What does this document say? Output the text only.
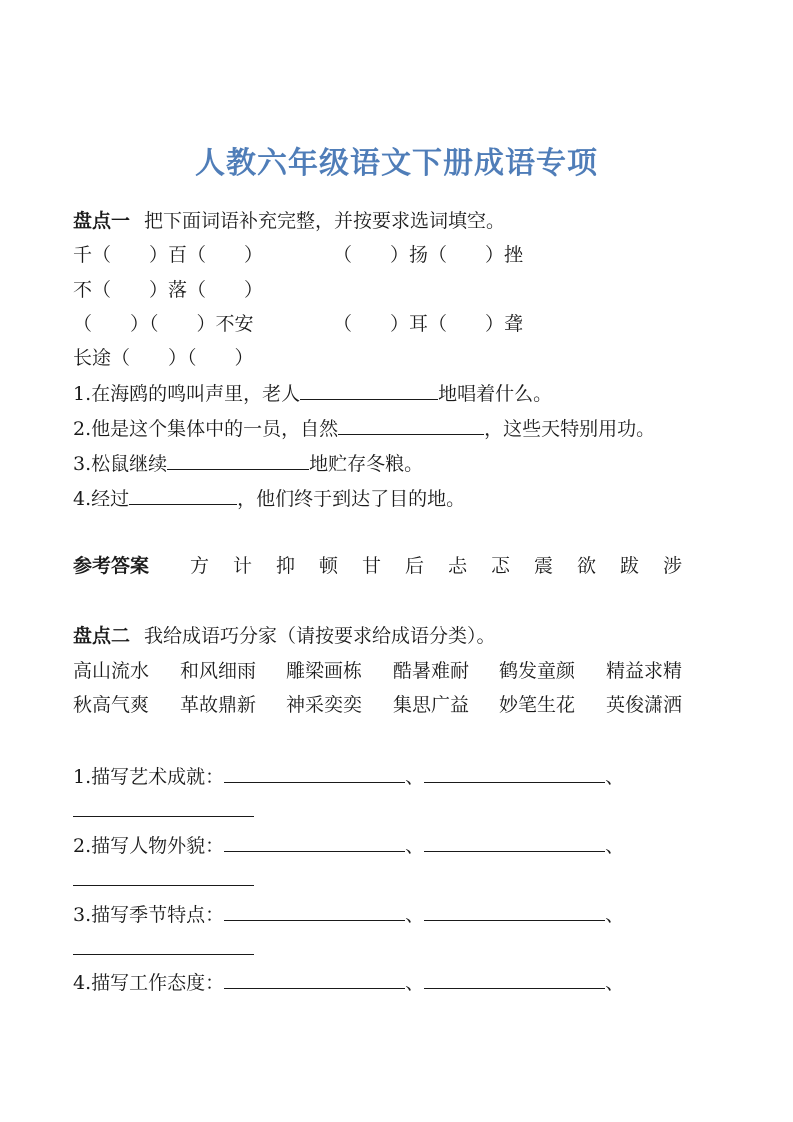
人教六年级语文下册成语专项
盘点一 把下面词语补充完整，并按要求选词填空。
千（　　）百（　　）	（　　）扬（　　）挫
不（　　）落（　　）
（　　）（　　）不安	（　　）耳（　　）聋
长途（　　）（　　）
1.在海鸥的鸣叫声里，老人	地唱着什么。
2.他是这个集体中的一员，自然	，这些天特别用功。
3.松鼠继续	地贮存冬粮。
4.经过	，他们终于到达了目的地。
参考答案 方 计 抑 顿 甘 后 忐 忑 震 欲 跋 涉
盘点二 我给成语巧分家（请按要求给成语分类）。
高山流水 和风细雨 雕梁画栋 酷暑难耐 鹤发童颜 精益求精
秋高气爽 革故鼎新 神采奕奕 集思广益 妙笔生花 英俊潇洒
1.描写艺术成就：	、	、
2.描写人物外貌：	、	、
3.描写季节特点：	、	、
4.描写工作态度：	、	、
